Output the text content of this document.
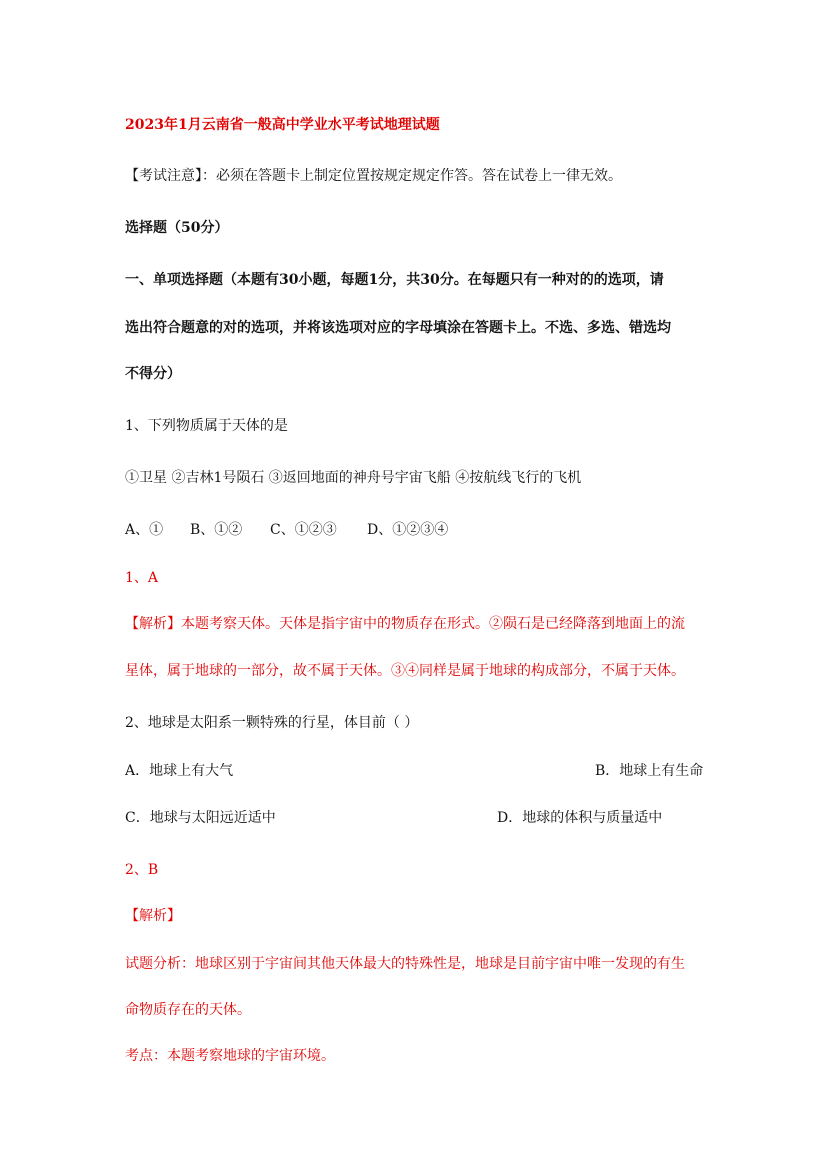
2023年1月云南省一般高中学业水平考试地理试题
【考试注意】：必须在答题卡上制定位置按规定规定作答。答在试卷上一律无效。
选择题（50分）
一、单项选择题（本题有30小题，每题1分，共30分。在每题只有一种对的的选项，请
选出符合题意的对的选项，并将该选项对应的字母填涂在答题卡上。不选、多选、错选均
不得分）
1、下列物质属于天体的是
①卫星 ②吉林1号陨石 ③返回地面的神舟号宇宙飞船 ④按航线飞行的飞机
A、① B、①② C、①②③ D、①②③④
1、A
【解析】本题考察天体。天体是指宇宙中的物质存在形式。②陨石是已经降落到地面上的流
星体，属于地球的一部分，故不属于天体。③④同样是属于地球的构成部分，不属于天体。
2、地球是太阳系一颗特殊的行星，体目前（ ）
A．地球上有大气	B．地球上有生命
C．地球与太阳远近适中	D．地球的体积与质量适中
2、B
【解析】
试题分析：地球区别于宇宙间其他天体最大的特殊性是，地球是目前宇宙中唯一发现的有生
命物质存在的天体。
考点：本题考察地球的宇宙环境。
